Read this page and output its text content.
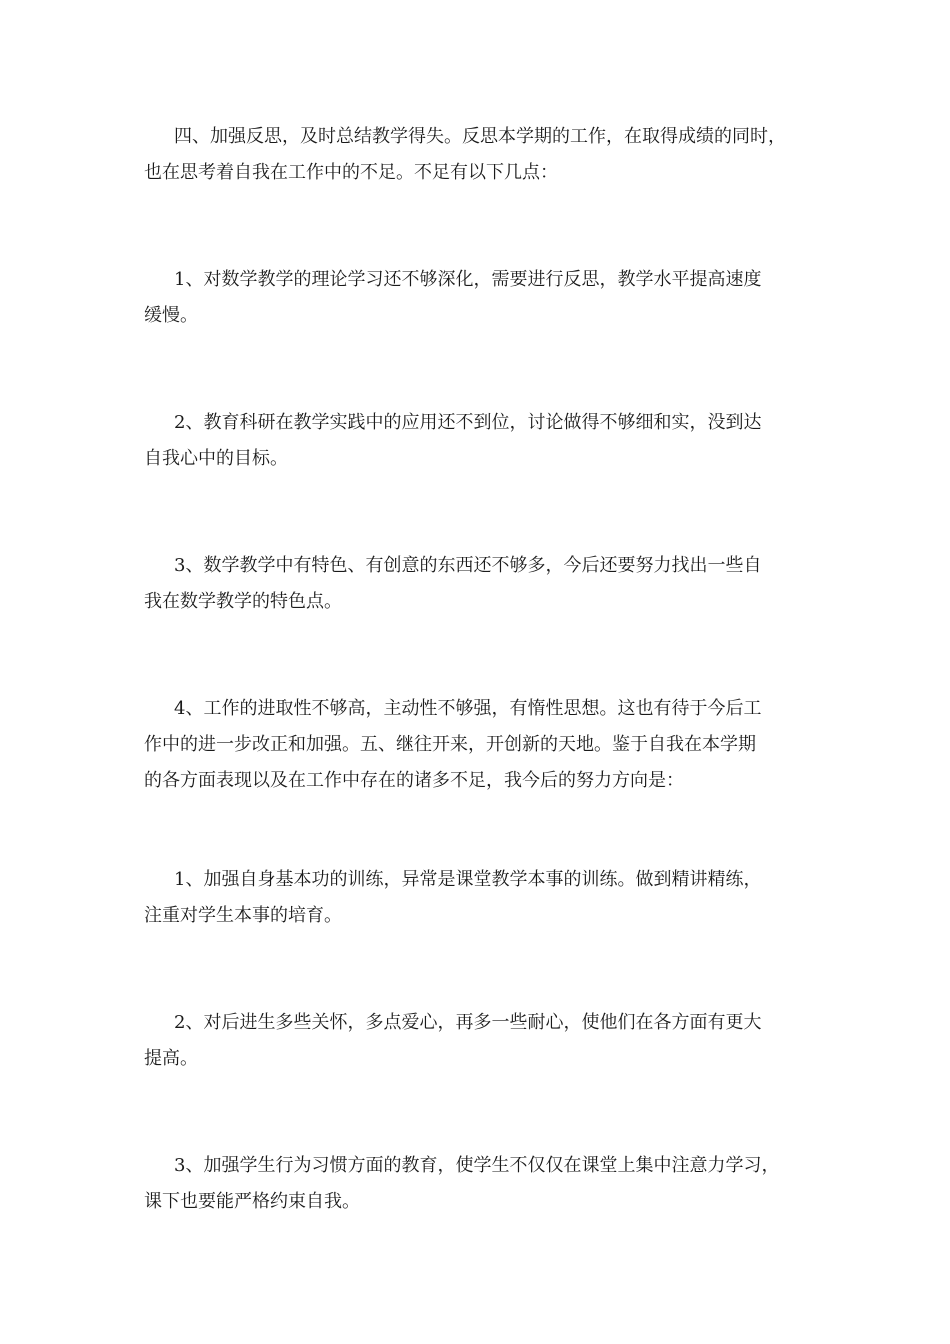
四、加强反思，及时总结教学得失。反思本学期的工作，在取得成绩的同时，
也在思考着自我在工作中的不足。不足有以下几点：

1、对数学教学的理论学习还不够深化，需要进行反思，教学水平提高速度
缓慢。

2、教育科研在教学实践中的应用还不到位，讨论做得不够细和实，没到达
自我心中的目标。

3、数学教学中有特色、有创意的东西还不够多，今后还要努力找出一些自
我在数学教学的特色点。

4、工作的进取性不够高，主动性不够强，有惰性思想。这也有待于今后工
作中的进一步改正和加强。五、继往开来，开创新的天地。鉴于自我在本学期
的各方面表现以及在工作中存在的诸多不足，我今后的努力方向是：

1、加强自身基本功的训练，异常是课堂教学本事的训练。做到精讲精练，
注重对学生本事的培育。

2、对后进生多些关怀，多点爱心，再多一些耐心，使他们在各方面有更大
提高。

3、加强学生行为习惯方面的教育，使学生不仅仅在课堂上集中注意力学习，
课下也要能严格约束自我。
